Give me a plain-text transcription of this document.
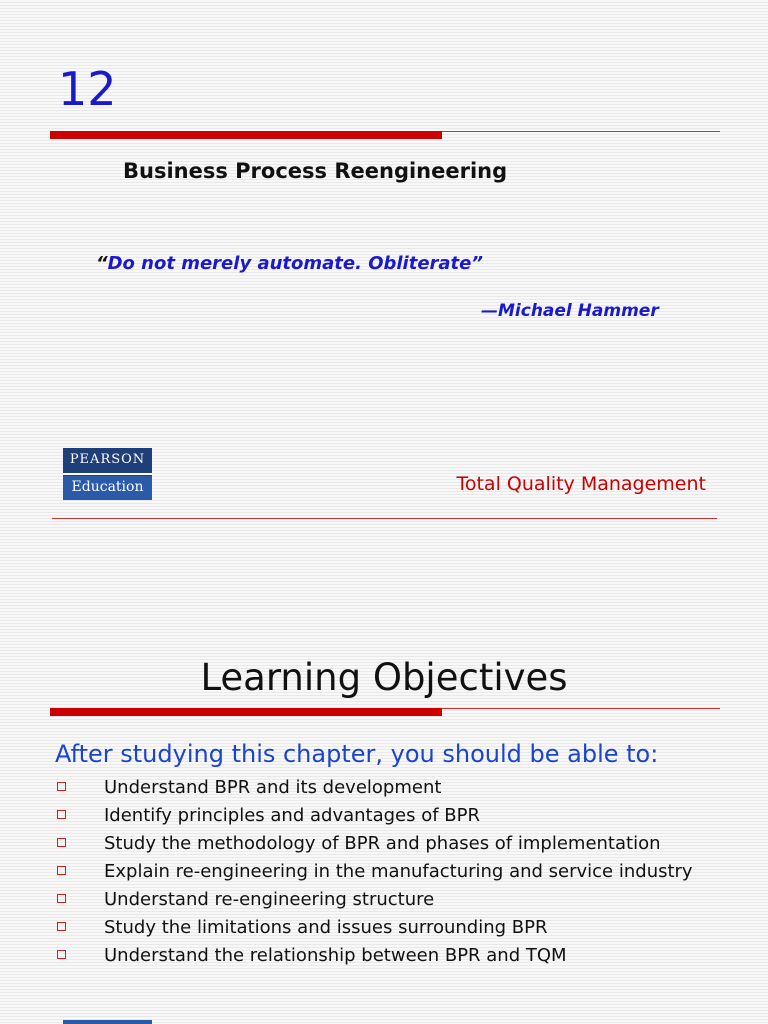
12
Business Process Reengineering
“Do not merely automate. Obliterate”
—Michael Hammer
PEARSON
Education	Total Quality Management
Learning Objectives
After studying this chapter, you should be able to:
Understand BPR and its development
Identify principles and advantages of BPR
Study the methodology of BPR and phases of implementation
Explain re-engineering in the manufacturing and service industry
Understand re-engineering structure
Study the limitations and issues surrounding BPR
Understand the relationship between BPR and TQM
